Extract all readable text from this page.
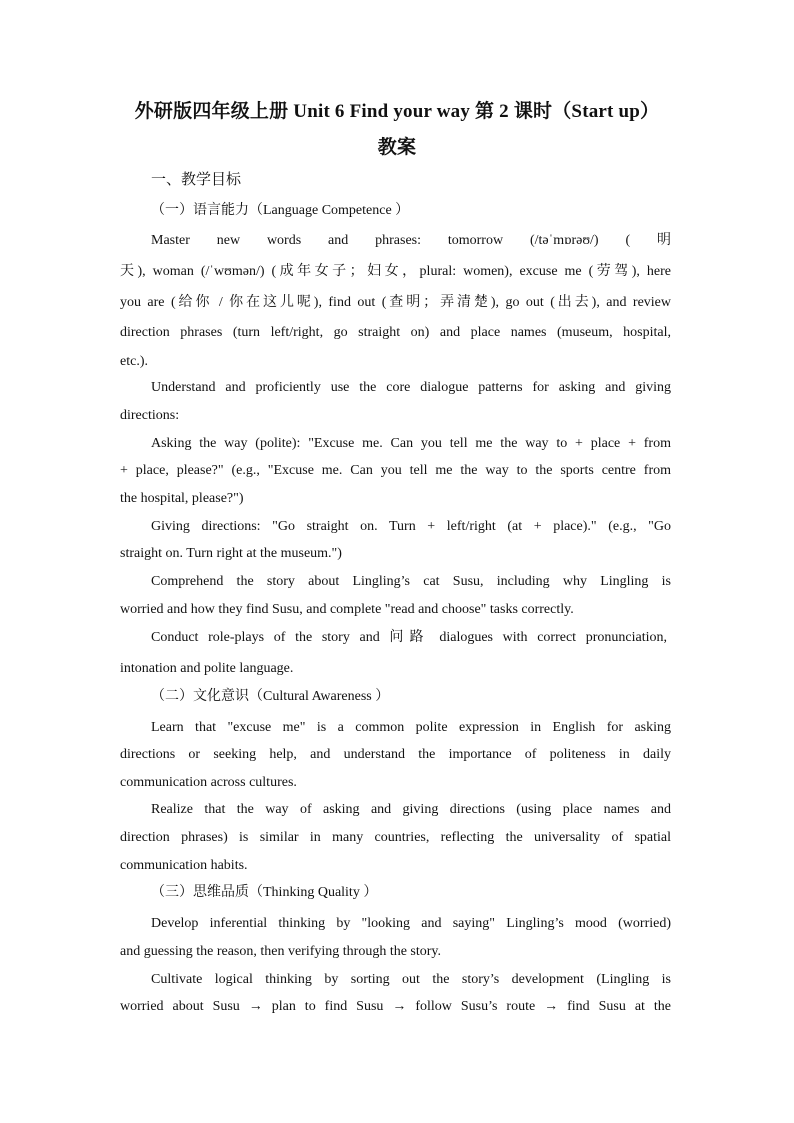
外研版四年级上册 Unit 6 Find your way 第 2 课时（Start up）
教案
一、教学目标
（一）语言能力（Language Competence ）
Master new words and phrases: tomorrow (/təˈmɒrəʊ/) ( 明
天), woman (/ˈwʊmən/) (成年女子；妇女，plural: women), excuse me (劳驾), here
you are (给你 / 你在这儿呢), find out (查明；弄清楚), go out (出去), and review
direction phrases (turn left/right, go straight on) and place names (museum, hospital,
etc.).
Understand and proficiently use the core dialogue patterns for asking and giving
directions:
Asking the way (polite): "Excuse me. Can you tell me the way to + place + from
+ place, please?" (e.g., "Excuse me. Can you tell me the way to the sports centre from
the hospital, please?")
Giving directions: "Go straight on. Turn + left/right (at + place)." (e.g., "Go
straight on. Turn right at the museum.")
Comprehend the story about Lingling’s cat Susu, including why Lingling is
worried and how they find Susu, and complete "read and choose" tasks correctly.
Conduct role-plays of the story and 问路 dialogues with correct pronunciation,
intonation and polite language.
（二）文化意识（Cultural Awareness ）
Learn that "excuse me" is a common polite expression in English for asking
directions or seeking help, and understand the importance of politeness in daily
communication across cultures.
Realize that the way of asking and giving directions (using place names and
direction phrases) is similar in many countries, reflecting the universality of spatial
communication habits.
（三）思维品质（Thinking Quality ）
Develop inferential thinking by "looking and saying" Lingling’s mood (worried)
and guessing the reason, then verifying through the story.
Cultivate logical thinking by sorting out the story’s development (Lingling is
worried about Susu → plan to find Susu → follow Susu’s route → find Susu at the
